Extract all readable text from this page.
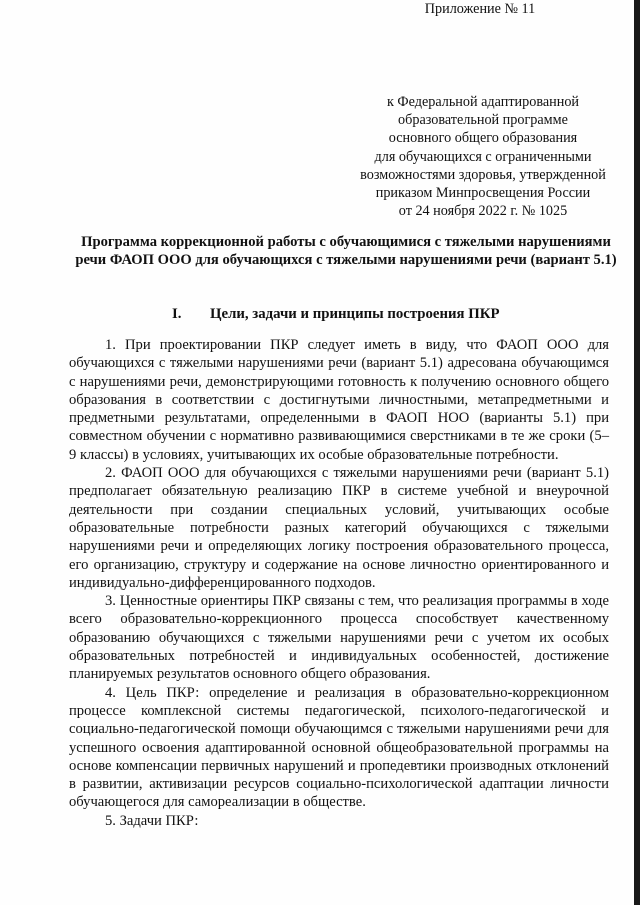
Приложение № 11
к Федеральной адаптированной
образовательной программе
основного общего образования
для обучающихся с ограниченными
возможностями здоровья, утвержденной
приказом Минпросвещения России
от 24 ноября 2022 г. № 1025
Программа коррекционной работы с обучающимися с тяжелыми нарушениями речи ФАОП ООО для обучающихся с тяжелыми нарушениями речи (вариант 5.1)
I. Цели, задачи и принципы построения ПКР

1. При проектировании ПКР следует иметь в виду, что ФАОП ООО для обучающихся с тяжелыми нарушениями речи (вариант 5.1) адресована обучающимся с нарушениями речи, демонстрирующими готовность к получению основного общего образования в соответствии с достигнутыми личностными, метапредметными и предметными результатами, определенными в ФАОП НОО (варианты 5.1) при совместном обучении с нормативно развивающимися сверстниками в те же сроки (5–9 классы) в условиях, учитывающих их особые образовательные потребности.

2. ФАОП ООО для обучающихся с тяжелыми нарушениями речи (вариант 5.1) предполагает обязательную реализацию ПКР в системе учебной и внеурочной деятельности при создании специальных условий, учитывающих особые образовательные потребности разных категорий обучающихся с тяжелыми нарушениями речи и определяющих логику построения образовательного процесса, его организацию, структуру и содержание на основе личностно ориентированного и индивидуально-дифференцированного подходов.

3. Ценностные ориентиры ПКР связаны с тем, что реализация программы в ходе всего образовательно-коррекционного процесса способствует качественному образованию обучающихся с тяжелыми нарушениями речи с учетом их особых образовательных потребностей и индивидуальных особенностей, достижение планируемых результатов основного общего образования.

4. Цель ПКР: определение и реализация в образовательно-коррекционном процессе комплексной системы педагогической, психолого-педагогической и социально-педагогической помощи обучающимся с тяжелыми нарушениями речи для успешного освоения адаптированной основной общеобразовательной программы на основе компенсации первичных нарушений и пропедевтики производных отклонений в развитии, активизации ресурсов социально-психологической адаптации личности обучающегося для самореализации в обществе.

5. Задачи ПКР:
